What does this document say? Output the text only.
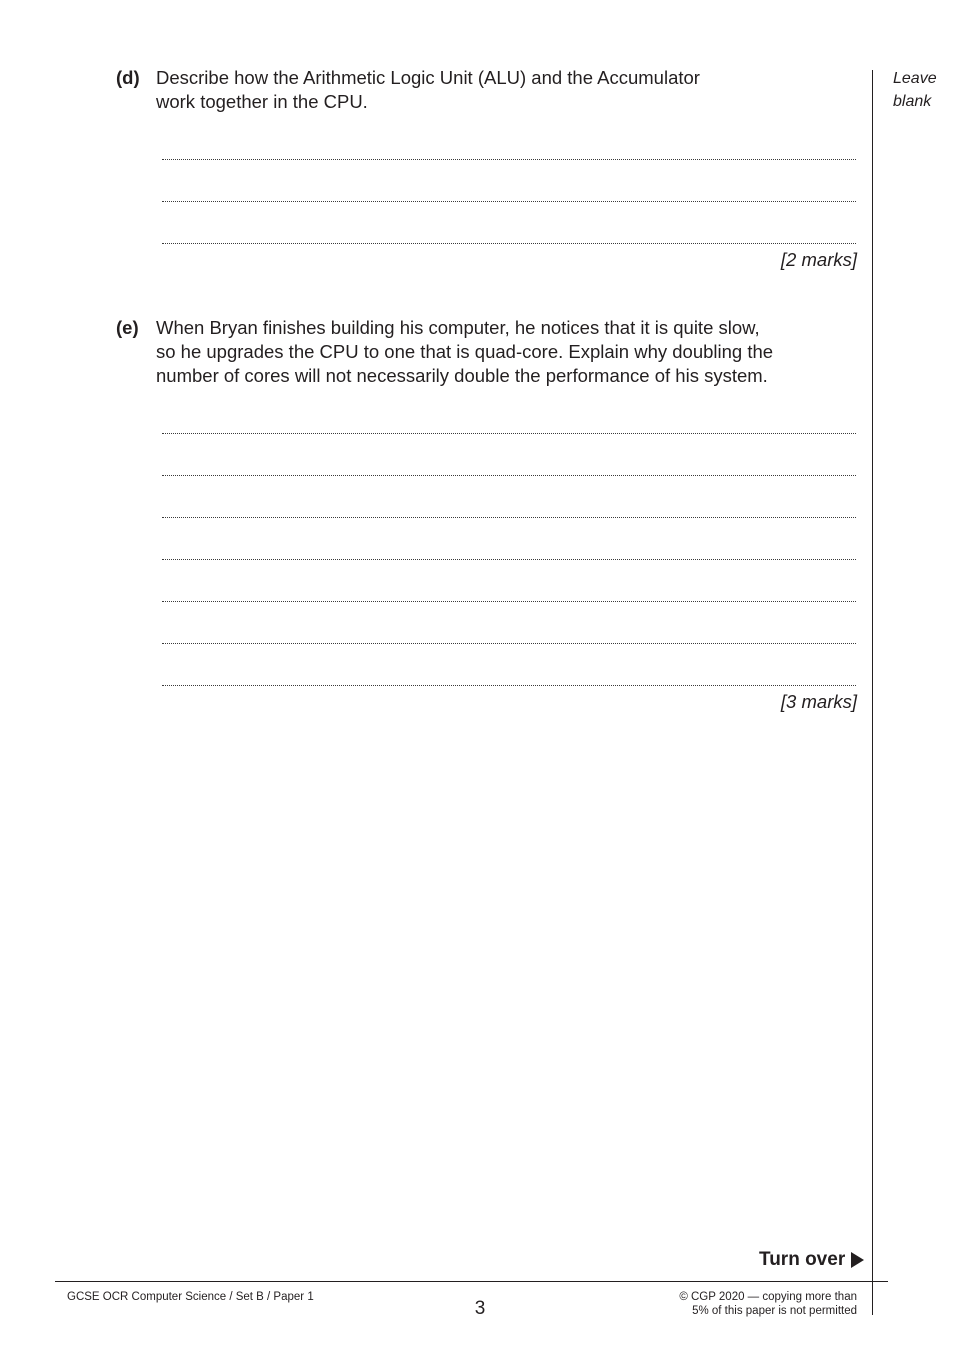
Leave
blank
(d) Describe how the Arithmetic Logic Unit (ALU) and the Accumulator
work together in the CPU.
[2 marks]
(e) When Bryan finishes building his computer, he notices that it is quite slow,
so he upgrades the CPU to one that is quad-core. Explain why doubling the
number of cores will not necessarily double the performance of his system.
[3 marks]
Turn over
GCSE OCR Computer Science / Set B / Paper 1
3
© CGP 2020 — copying more than
5% of this paper is not permitted
